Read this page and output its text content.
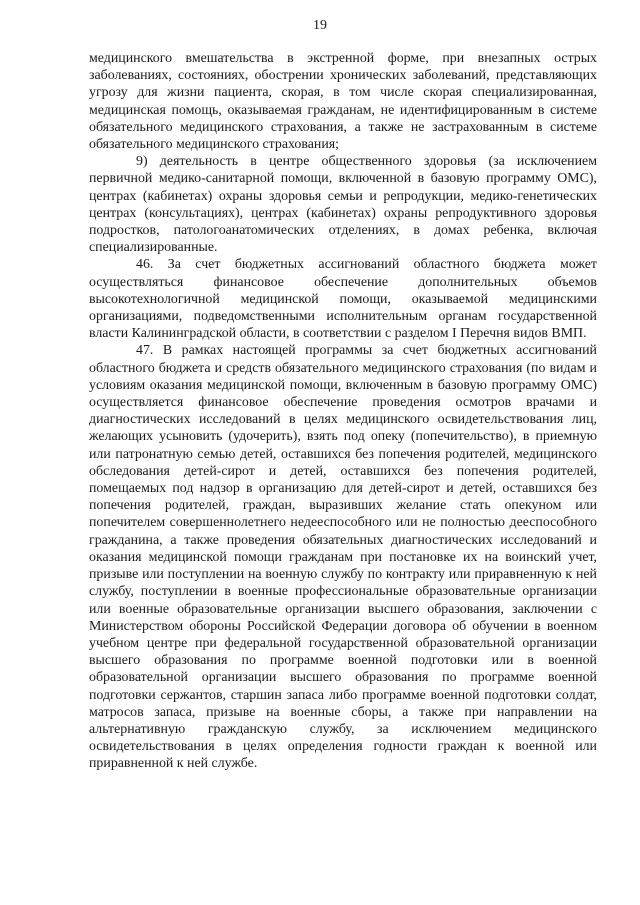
19

медицинского вмешательства в экстренной форме, при внезапных острых заболеваниях, состояниях, обострении хронических заболеваний, представляющих угрозу для жизни пациента, скорая, в том числе скорая специализированная, медицинская помощь, оказываемая гражданам, не идентифицированным в системе обязательного медицинского страхования, а также не застрахованным в системе обязательного медицинского страхования;

9) деятельность в центре общественного здоровья (за исключением первичной медико-санитарной помощи, включенной в базовую программу ОМС), центрах (кабинетах) охраны здоровья семьи и репродукции, медико-генетических центрах (консультациях), центрах (кабинетах) охраны репродуктивного здоровья подростков, патологоанатомических отделениях, в домах ребенка, включая специализированные.

46. За счет бюджетных ассигнований областного бюджета может осуществляться финансовое обеспечение дополнительных объемов высокотехнологичной медицинской помощи, оказываемой медицинскими организациями, подведомственными исполнительным органам государственной власти Калининградской области, в соответствии с разделом I Перечня видов ВМП.

47. В рамках настоящей программы за счет бюджетных ассигнований областного бюджета и средств обязательного медицинского страхования (по видам и условиям оказания медицинской помощи, включенным в базовую программу ОМС) осуществляется финансовое обеспечение проведения осмотров врачами и диагностических исследований в целях медицинского освидетельствования лиц, желающих усыновить (удочерить), взять под опеку (попечительство), в приемную или патронатную семью детей, оставшихся без попечения родителей, медицинского обследования детей-сирот и детей, оставшихся без попечения родителей, помещаемых под надзор в организацию для детей-сирот и детей, оставшихся без попечения родителей, граждан, выразивших желание стать опекуном или попечителем совершеннолетнего недееспособного или не полностью дееспособного гражданина, а также проведения обязательных диагностических исследований и оказания медицинской помощи гражданам при постановке их на воинский учет, призыве или поступлении на военную службу по контракту или приравненную к ней службу, поступлении в военные профессиональные образовательные организации или военные образовательные организации высшего образования, заключении с Министерством обороны Российской Федерации договора об обучении в военном учебном центре при федеральной государственной образовательной организации высшего образования по программе военной подготовки или в военной образовательной организации высшего образования по программе военной подготовки сержантов, старшин запаса либо программе военной подготовки солдат, матросов запаса, призыве на военные сборы, а также при направлении на альтернативную гражданскую службу, за исключением медицинского освидетельствования в целях определения годности граждан к военной или приравненной к ней службе.
